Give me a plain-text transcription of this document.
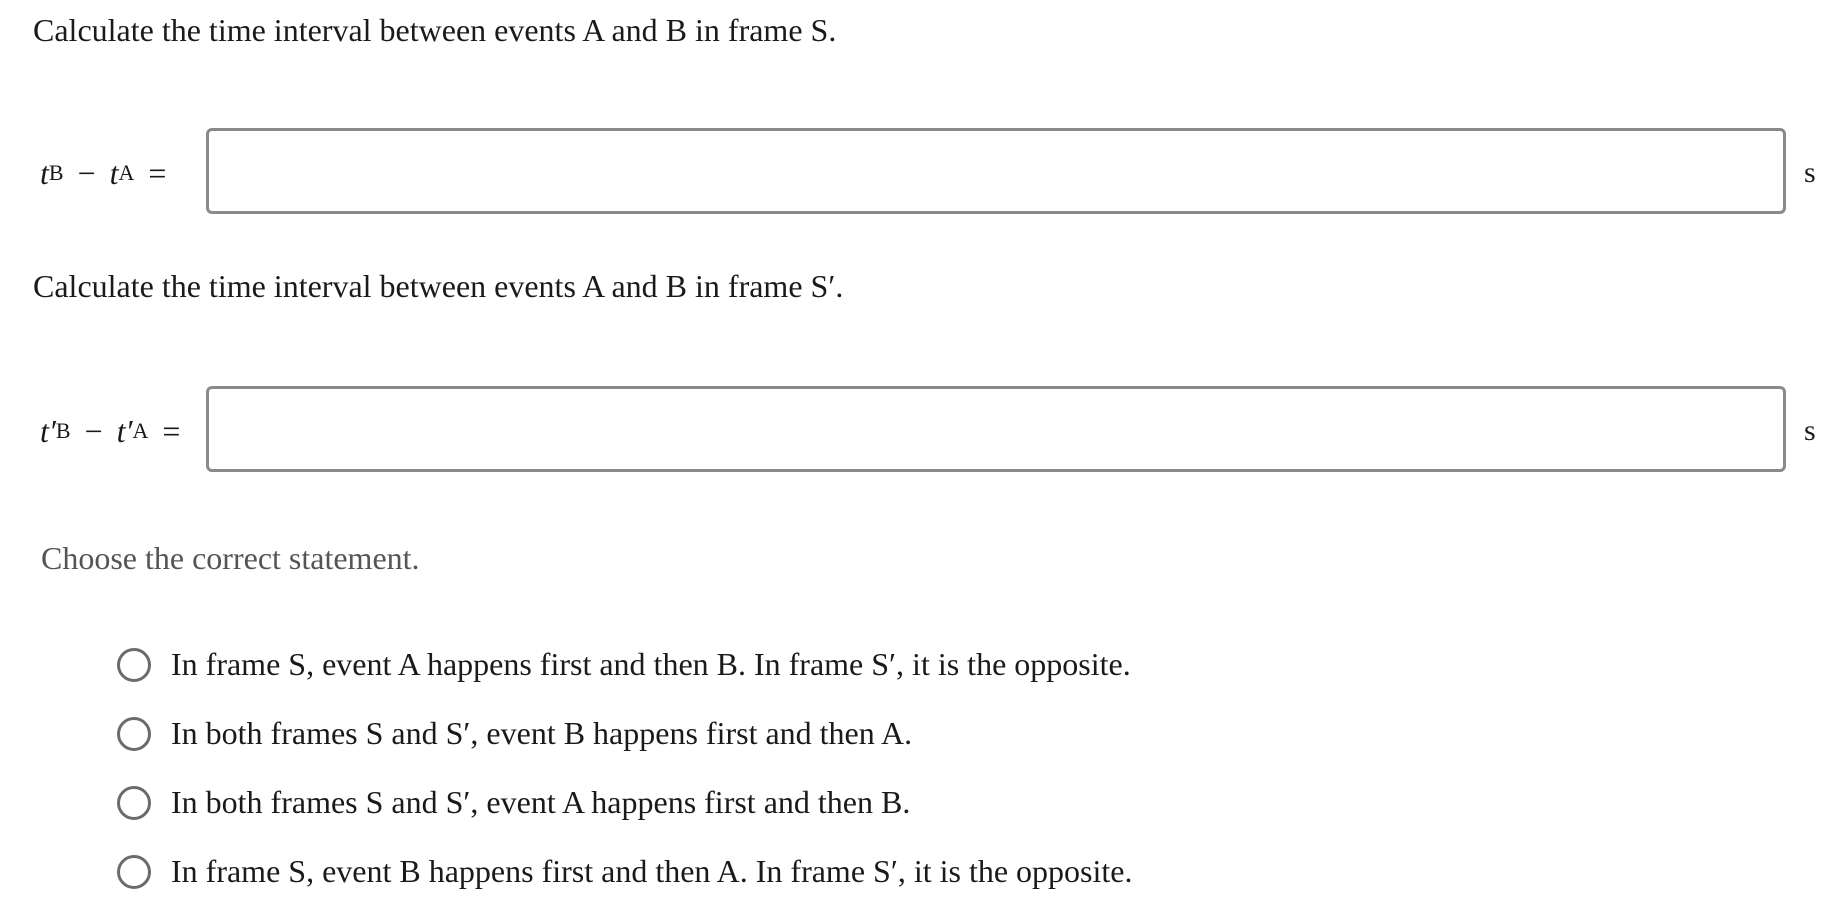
Calculate the time interval between events A and B in frame S.
t B − t A =	s
Calculate the time interval between events A and B in frame S′.
t′ B − t′ A =	s
Choose the correct statement.
In frame S, event A happens first and then B. In frame S′, it is the opposite.
In both frames S and S′, event B happens first and then A.
In both frames S and S′, event A happens first and then B.
In frame S, event B happens first and then A. In frame S′, it is the opposite.
